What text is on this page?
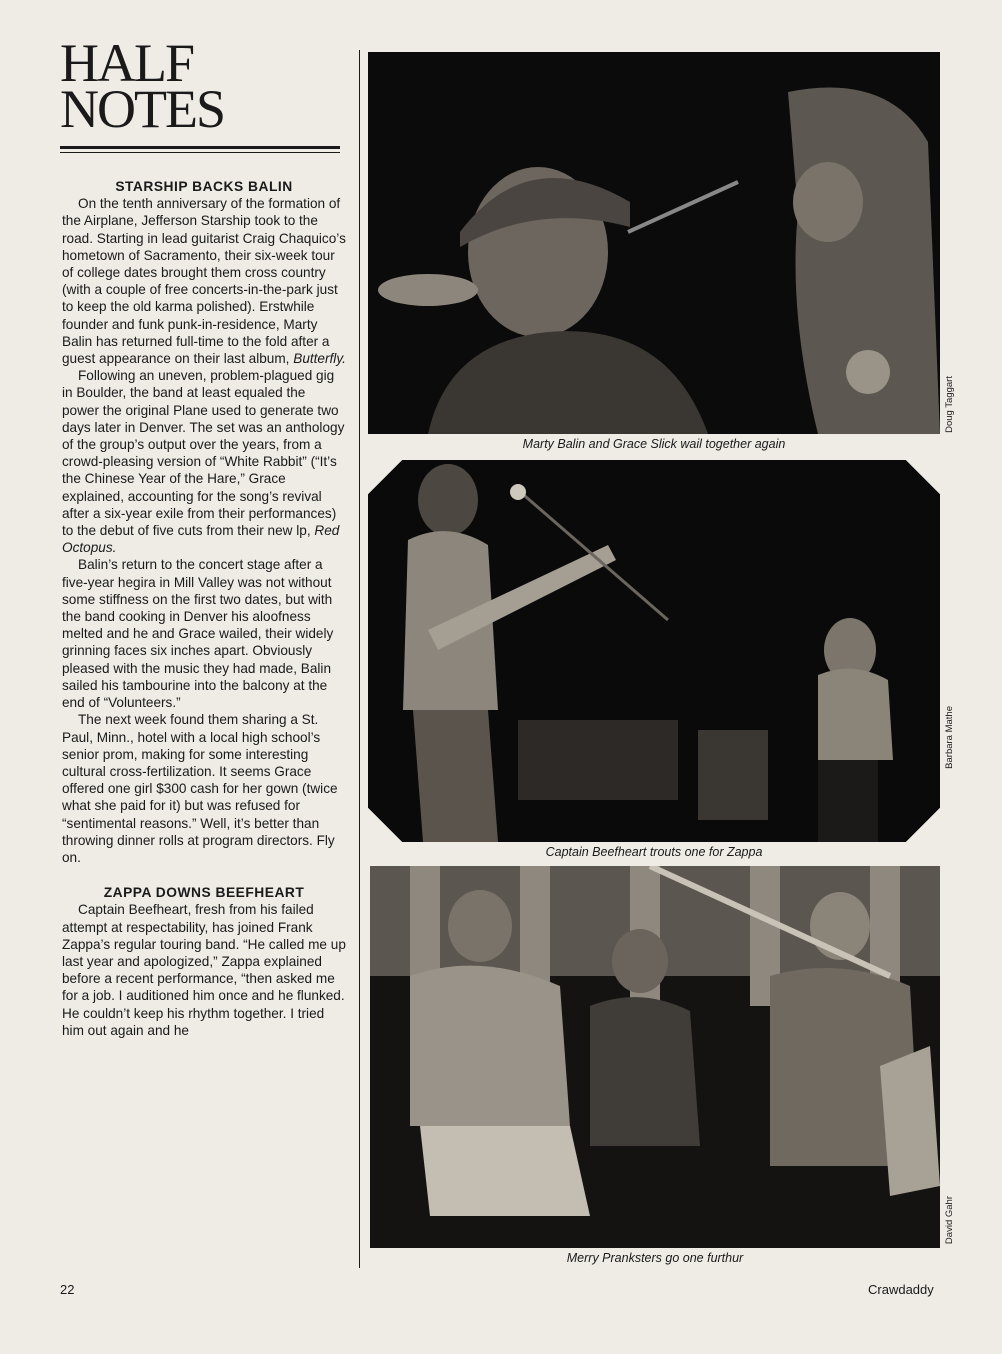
HALF
NOTES
STARSHIP BACKS BALIN

On the tenth anniversary of the formation of the Airplane, Jefferson Starship took to the road. Starting in lead guitarist Craig Chaquico’s hometown of Sacramento, their six-week tour of college dates brought them cross country (with a couple of free concerts-in-the-park just to keep the old karma polished). Erstwhile founder and funk punk-in-residence, Marty Balin has returned full-time to the fold after a guest appearance on their last album, Butterfly.

Following an uneven, problem-plagued gig in Boulder, the band at least equaled the power the original Plane used to generate two days later in Denver. The set was an anthology of the group’s output over the years, from a crowd-pleasing version of “White Rabbit” (“It’s the Chinese Year of the Hare,” Grace explained, accounting for the song’s revival after a six-year exile from their performances) to the debut of five cuts from their new lp, Red Octopus.

Balin’s return to the concert stage after a five-year hegira in Mill Valley was not without some stiffness on the first two dates, but with the band cooking in Denver his aloofness melted and he and Grace wailed, their widely grinning faces six inches apart. Obviously pleased with the music they had made, Balin sailed his tambourine into the balcony at the end of “Volunteers.”

The next week found them sharing a St. Paul, Minn., hotel with a local high school’s senior prom, making for some interesting cultural cross-fertilization. It seems Grace offered one girl $300 cash for her gown (twice what she paid for it) but was refused for “sentimental reasons.” Well, it’s better than throwing dinner rolls at program directors. Fly on.

ZAPPA DOWNS BEEFHEART

Captain Beefheart, fresh from his failed attempt at respectability, has joined Frank Zappa’s regular touring band. “He called me up last year and apologized,” Zappa explained before a recent performance, “then asked me for a job. I auditioned him once and he flunked. He couldn’t keep his rhythm together. I tried him out again and he

Marty Balin and Grace Slick wail together again
Doug Taggart
Captain Beefheart trouts one for Zappa
Barbara Mathe
Merry Pranksters go one furthur
David Gahr
22	Crawdaddy
